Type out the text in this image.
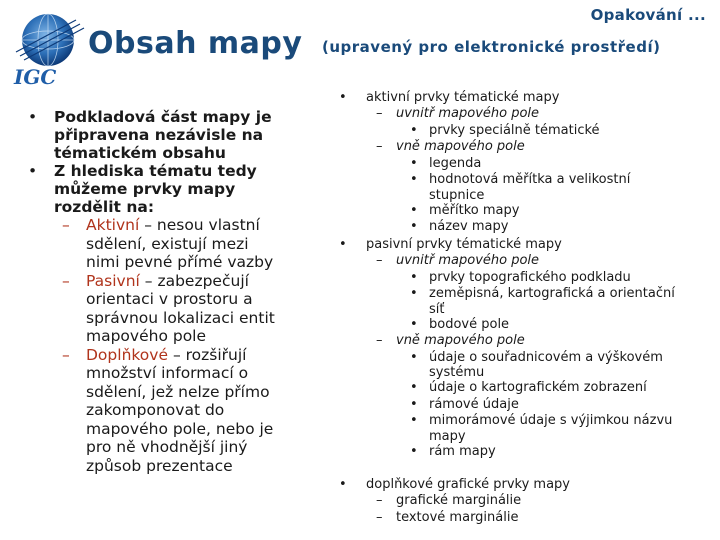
IGC
Opakování ...
Obsah mapy (upravený pro elektronické prostředí)
• Podkladová část mapy je
připravena nezávisle na
tématickém obsahu
• Z hlediska tématu tedy
můžeme prvky mapy
rozdělit na:
– Aktivní – nesou vlastní
sdělení, existují mezi
nimi pevné přímé vazby
– Pasivní – zabezpečují
orientaci v prostoru a
správnou lokalizaci entit
mapového pole
– Doplňkové – rozšiřují
množství informací o
sdělení, jež nelze přímo
zakomponovat do
mapového pole, nebo je
pro ně vhodnější jiný
způsob prezentace
• aktivní prvky tématické mapy
– uvnitř mapového pole
• prvky speciálně tématické
– vně mapového pole
• legenda
• hodnotová měřítka a velikostní
stupnice
• měřítko mapy
• název mapy
• pasivní prvky tématické mapy
– uvnitř mapového pole
• prvky topografického podkladu
• zeměpisná, kartografická a orientační
síť
• bodové pole
– vně mapového pole
• údaje o souřadnicovém a výškovém
systému
• údaje o kartografickém zobrazení
• rámové údaje
• mimorámové údaje s výjimkou názvu
mapy
• rám mapy
• doplňkové grafické prvky mapy
– grafické marginálie
– textové marginálie
